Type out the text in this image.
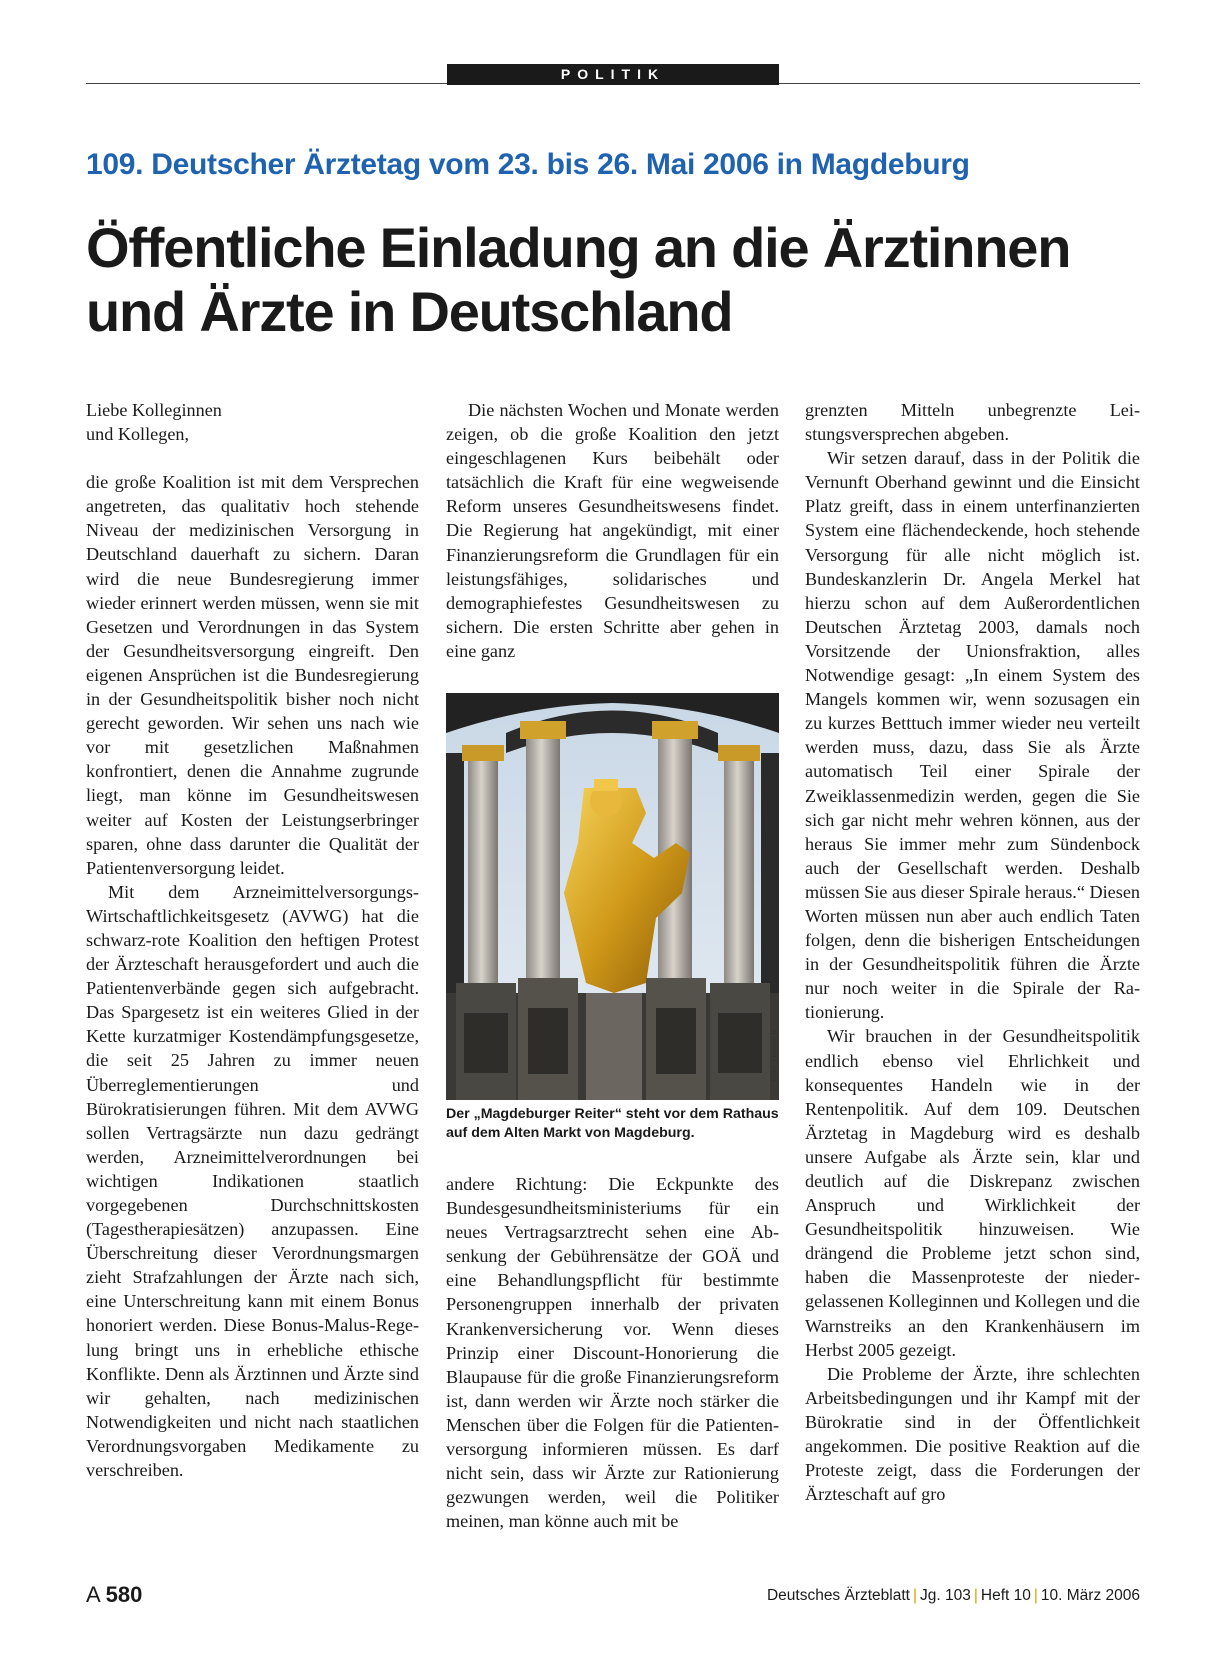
POLITIK
109. Deutscher Ärztetag vom 23. bis 26. Mai 2006 in Magdeburg
Öffentliche Einladung an die Ärztinnen
und Ärzte in Deutschland

Liebe Kolleginnen

und Kollegen,

die große Koalition ist mit dem Versprechen angetreten, das qualitativ hoch stehende Niveau der medizinischen Versorgung in Deutschland dauerhaft zu sichern. Daran wird die neue Bundesregierung immer wieder erinnert werden müssen, wenn sie mit Gesetzen und Verordnungen in das System der Gesundheitsversorgung eingreift. Den eigenen Ansprüchen ist die Bundesregierung in der Gesundheitspolitik bisher noch nicht gerecht geworden. Wir sehen uns nach wie vor mit gesetzlichen Maßnahmen konfrontiert, denen die Annahme zugrunde liegt, man könne im Gesundheitswesen weiter auf Kosten der Leistungserbringer sparen, ohne dass darunter die Qualität der Patientenversorgung leidet.

Mit dem Arzneimittelversorgungs-Wirtschaftlichkeitsgesetz (AVWG) hat die schwarz-rote Koalition den heftigen Protest der Ärzteschaft herausgefordert und auch die Patientenverbände gegen sich aufgebracht. Das Spargesetz ist ein weiteres Glied in der Kette kurzatmiger Kostendämpfungsgesetze, die seit 25 Jahren zu immer neuen Überreglementierungen und Bürokratisierungen führen. Mit dem AVWG sollen Vertragsärzte nun dazu gedrängt werden, Arzneimittelverordnungen bei wichtigen Indikationen staatlich vorgegebenen Durchschnittskosten (Tagestherapiesätzen) anzupassen. Eine Überschreitung dieser Verordnungsmargen zieht Strafzahlungen der Ärzte nach sich, eine Unterschreitung kann mit einem Bonus honoriert werden. Diese Bonus-Malus-Regelung bringt uns in erhebliche ethische Konflikte. Denn als Ärztinnen und Ärzte sind wir gehalten, nach medizinischen Notwendigkeiten und nicht nach staatlichen Verordnungsvorgaben Medikamente zu verschreiben.

Die nächsten Wochen und Monate werden zeigen, ob die große Koalition den jetzt eingeschlagenen Kurs beibehält oder tatsächlich die Kraft für eine wegweisende Reform unseres Gesundheitswesens findet. Die Regierung hat angekündigt, mit einer Finanzierungsreform die Grundlagen für ein leistungsfähiges, solidarisches und demographiefestes Gesundheitswesen zu sichern. Die ersten Schritte aber gehen in eine ganz

Foto: Dennis K.
Der „Magdeburger Reiter“ steht vor dem Rathaus auf dem Alten Markt von Magdeburg.

andere Richtung: Die Eckpunkte des Bundesgesundheitsministeriums für ein neues Vertragsarztrecht sehen eine Absenkung der Gebührensätze der GOÄ und eine Behandlungspflicht für bestimmte Personengruppen innerhalb der privaten Krankenversicherung vor. Wenn dieses Prinzip einer Discount-Honorierung die Blaupause für die große Finanzierungsreform ist, dann werden wir Ärzte noch stärker die Menschen über die Folgen für die Patientenversorgung informieren müssen. Es darf nicht sein, dass wir Ärzte zur Rationierung gezwungen werden, weil die Politiker meinen, man könne auch mit be

grenzten Mitteln unbegrenzte Leistungsversprechen abgeben.

Wir setzen darauf, dass in der Politik die Vernunft Oberhand gewinnt und die Einsicht Platz greift, dass in einem unterfinanzierten System eine flächendeckende, hoch stehende Versorgung für alle nicht möglich ist. Bundeskanzlerin Dr. Angela Merkel hat hierzu schon auf dem Außerordentlichen Deutschen Ärztetag 2003, damals noch Vorsitzende der Unionsfraktion, alles Notwendige gesagt: „In einem System des Mangels kommen wir, wenn sozusagen ein zu kurzes Betttuch immer wieder neu verteilt werden muss, dazu, dass Sie als Ärzte automatisch Teil einer Spirale der Zweiklassenmedizin werden, gegen die Sie sich gar nicht mehr wehren können, aus der heraus Sie immer mehr zum Sündenbock auch der Gesellschaft werden. Deshalb müssen Sie aus dieser Spirale heraus.“ Diesen Worten müssen nun aber auch endlich Taten folgen, denn die bisherigen Entscheidungen in der Gesundheitspolitik führen die Ärzte nur noch weiter in die Spirale der Rationierung.

Wir brauchen in der Gesundheitspolitik endlich ebenso viel Ehrlichkeit und konsequentes Handeln wie in der Rentenpolitik. Auf dem 109. Deutschen Ärztetag in Magdeburg wird es deshalb unsere Aufgabe als Ärzte sein, klar und deutlich auf die Diskrepanz zwischen Anspruch und Wirklichkeit der Gesundheitspolitik hinzuweisen. Wie drängend die Probleme jetzt schon sind, haben die Massenproteste der niedergelassenen Kolleginnen und Kollegen und die Warnstreiks an den Krankenhäusern im Herbst 2005 gezeigt.

Die Probleme der Ärzte, ihre schlechten Arbeitsbedingungen und ihr Kampf mit der Bürokratie sind in der Öffentlichkeit angekommen. Die positive Reaktion auf die Proteste zeigt, dass die Forderungen der Ärzteschaft auf gro

A 580	Deutsches Ärzteblatt | Jg. 103 | Heft 10 | 10. März 2006
